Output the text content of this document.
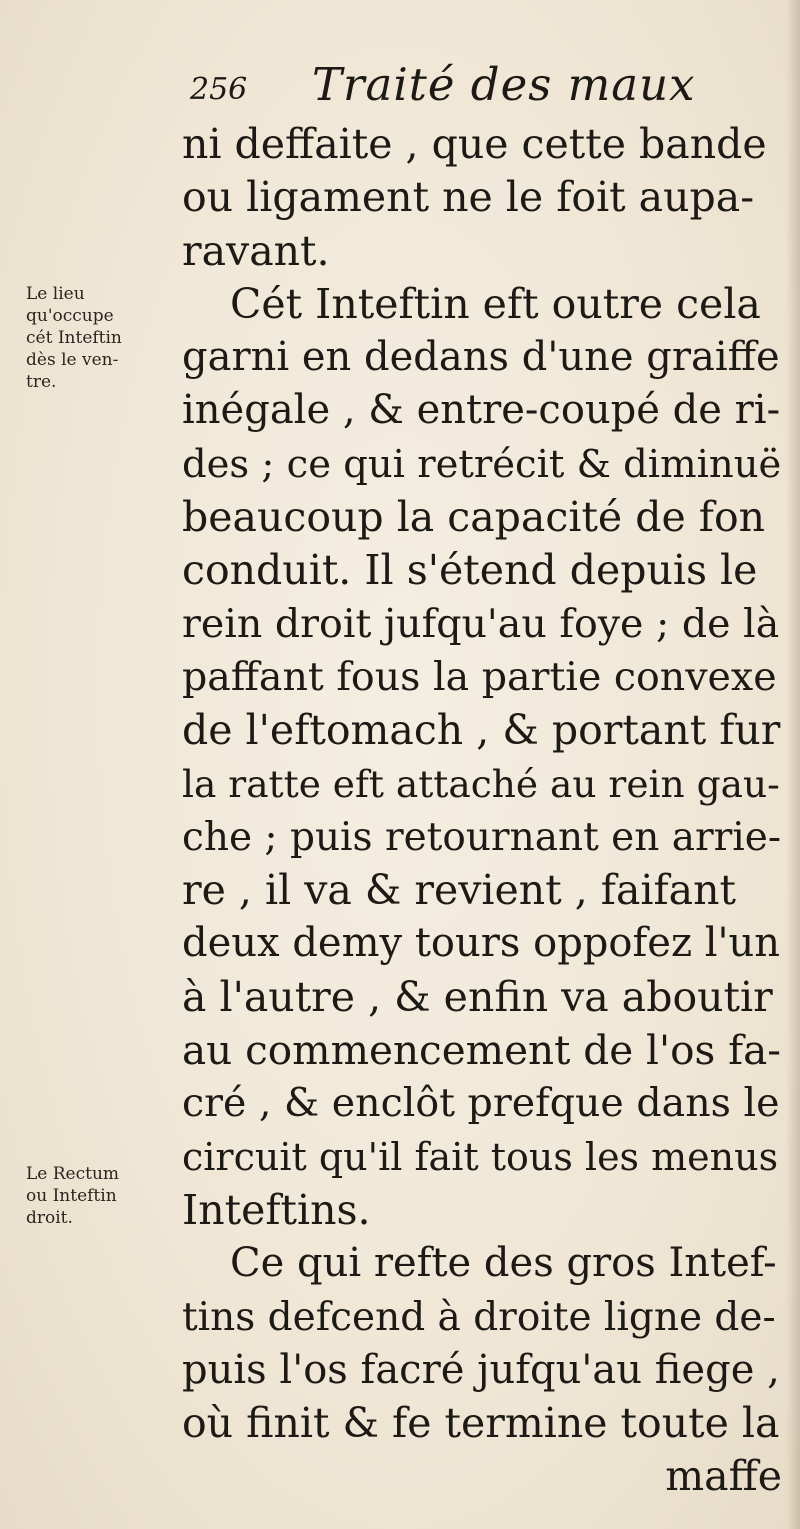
256 Traité des maux
Le lieu
qu'occupe
cét Inteftin
dès le ven-
tre.
Le Rectum
ou Inteftin
droit.
ni deffaite , que cette bande
ou ligament ne le foit aupa-
ravant.
Cét Inteftin eft outre cela
garni en dedans d'une graiffe
inégale , & entre-coupé de ri-
des ; ce qui retrécit & diminuë
beaucoup la capacité de fon
conduit. Il s'étend depuis le
rein droit jufqu'au foye ; de là
paffant fous la partie convexe
de l'eftomach , & portant fur
la ratte eft attaché au rein gau-
che ; puis retournant en arrie-
re , il va & revient , faifant
deux demy tours oppofez l'un
à l'autre , & enfin va aboutir
au commencement de l'os fa-
cré , & enclôt prefque dans le
circuit qu'il fait tous les menus
Inteftins.
Ce qui refte des gros Intef-
tins defcend à droite ligne de-
puis l'os facré jufqu'au fiege ,
où finit & fe termine toute la
maffe
